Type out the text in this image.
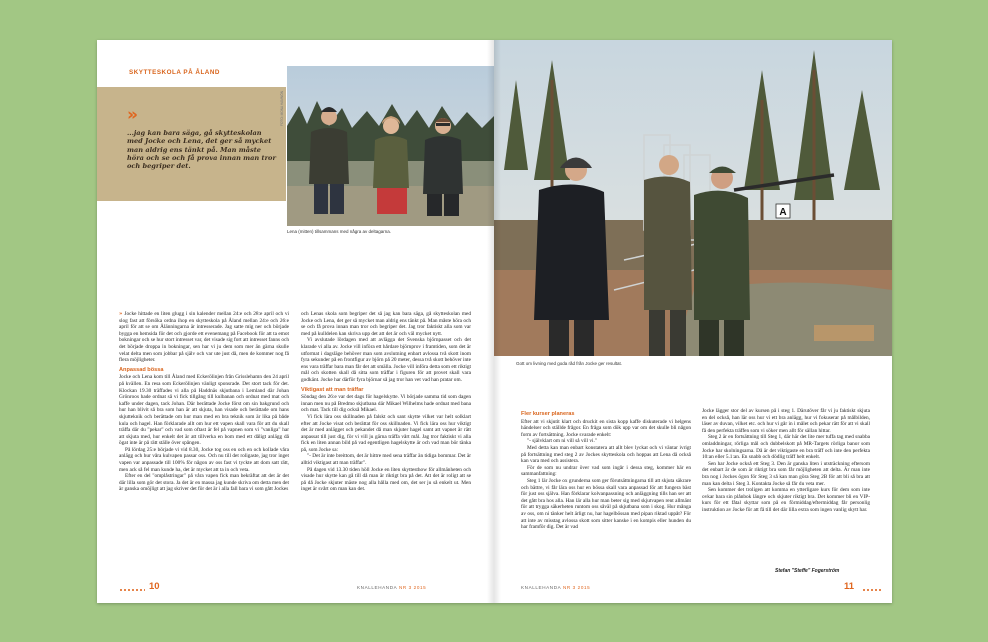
SKYTTESKOLA PÅ ÅLAND
»
...jag kan bara säga, gå skytteskolan med Jocke och Lena, det ger så mycket man aldrig ens tänkt på. Man måste höra och se och få prova innan man tror och begriper det.
FOTO: MONA HAMNÖN
Lena (mitten) tillsammans med några av deltagarna.

» Jocke hittade en liten glugg i sin kalender mellan 24:e och 28:e april och vi slog fast att försöka ordna ihop en skytteskola på Åland mellan 24:e och 26:e april för att se om Ålänningarna är intresserade. Jag satte mig ner och började bygga en hemsida för det och gjorde ett evenemang på Facebook för att ta emot bokningar och se hur stort intresset var, det visade sig fort att intresset fanns och det började droppa in bokningar, sen har vi ju dem som mer än gärna skulle velat delta men som jobbar på själv och var ute just då, men de kommer nog få flera möjligheter.

Anpassad bössa

Jocke och Lena kom till Åland med Eckerölinjen från Grisslehamn den 24 april på kvällen. En resa som Eckerölinjen vänligt sponsrade. Det stort tack för det. Klockan 19.30 träffades vi alla på Haddnäs skjutbana i Lemland där Johan Grönroos hade ordnat så vi fick tillgång till kulbanan och ordnat med mat och kaffe under dagen, tack Johan. Där berättade Jocke först om sin bakgrund och hur han blivit så bra som han är att skjuta, han visade och berättade om hans skjutteknik och berättade om hur man med en bra teknik som är lika på både kula och hagel. Han förklarade allt om hur ett vapen skall vara för att du skall träffa där du "pekar" och vad som oftast är fel på vapnen som vi "vanliga" har att skjuta med, hur enkelt det är att tillverka en bom med ett dåligt anlägg då ögat inte är på rätt ställe över spången.

På lördag 25:e började vi vid 8.30, Jocke tog oss en och en och kollade våra anlägg och hur våra kulvapen passar oss. Och nu till det roligaste, jag tror inget vapen var anpassade till 100% för någon av oss fast vi tyckte att dom satt rätt, men ack så fel man kunde ha, det är mycket att ta in och veta.

Efter en del "omplåstringar" på våra vapen fick man bekräftat att det är det där lilla som gör det stora. Ja det är en massa jag kunde skriva om detta men det är ganska omöjligt att jag skriver det för det är i alla fall bara vi som gått Jockes

och Lenas skola som begriper det så jag kan bara säga, gå skytteskolan med Jocke och Lena, det ger så mycket man aldrig ens tänkt på. Man måste höra och se och få prova innan man tror och begriper det. Jag tror faktiskt alla som var med på kulldelen kan skriva upp det att det är och väl mycket nytt.

Vi avslutade lördagen med att avlägga det Svenska björnpasset och det klarade vi alla av. Jocke vill införa ett hårdare björnprov i framtiden, som det är utformat i dagsläge behöver man som avslutning enbart avlossa två skott inom fyra sekunder på en frontfigur av björn på 20 meter, dessa två skott behöver inte ens vara träffar bara man får det att smälla. Jocke vill införa detta som ett riktigt mål och skotten skall då sitta som träffar i figuren för att provet skall vara godkänt. Jocke har därför fyra björnar så jag tror han vet vad han pratar om.

Viktigast att man träffar

Söndag den 26:e var det dags för hagelskytte. Vi började samma tid som dagen innan men nu på Bredmo skjutbana där Mikael Wilhelms hade ordnat med bana och mat. Tack till dig också Mikael.

Vi fick lära oss skillnaden på falskt och sant skytte vilket var helt solklart efter att Jocke visat och berättat för oss skillnaden. Vi fick lära oss hur viktigt det är med anlägget och pekandet då man skjuter hagel samt att vapnet är rätt anpassat till just dig, för vi vill ju gärna träffa vårt mål. Jag tror faktiskt vi alla fick en liten annan bild på vad egentligen hagelskytte är och vad man bör tänka på, som Jocke sa:

"- Det är inte breittom, det är hittre med sena träffar än tidiga bommar. Det är alltid viktigast att man träffar".

På dagen vid 13.30 tiden höll Jocke en liten skyttesthow för allmänheten och visade hur skytte kan gå till då man är riktigt bra på det. Att det är roligt att se på då Jocke skjuter mäste nog alla hålla med om, det ser ju så enkelt ut. Men inget är svårt om man kan det.

10	KNALLEHANDA NR 3 2015
A
Gott om livning med goda råd från Jocke ger resultat.
Fler kurser planeras

Efter att vi skjutit klart och druckit en sista kopp kaffe diskuterade vi helgens händelser och ställde frågor. En fråga som dök upp var om det skulle bli någon form av fortsättning. Jocke svarade enkelt:

"- självklart om ni vill så vill vi."

Med detta kan man enbart konstatera att allt blev lyckat och vi väntar ivrigt på fortsättning med steg 2 av Jockes skytteskola och hoppas att Lena då också kan vara med och assistera.

För de som nu undrar över vad som ingår i dessa steg, kommer här en sammanfattning:

Steg 1 lär Jocke ox grunderna som ger förutsättningarna till att skjuta säkrare och bättre, vi får lära oss hur en bössa skall vara anpassad för att fungera bäst för just oss själva. Han förklarar kolvanpassning och anläggning tills han ser att det gått bra hos alla. Han lär alla hur man beter sig med skjutvapen rent allmänt för att trygga säkerheten runtom oss såväl på skjutbana som i skog. Hur många av oss, om ni tänker helt ärligt nu, har hagelbössan med pipan riktad uppåt? För att inte av misstag avlossa skott som sitter kanske i en kompis eller hunden du har framför dig. Det är vad

Jocke lägger stor del av kursen på i steg 1. Därutöver får vi ju faktiskt skjuta en del också, han lär oss hur vi ett bra anlägg, hur vi fokuserar på målbilden, läser av duvan, vilket etc. och hur vi går in i målet och pekar rätt för att vi skall få den perfekta träffen som vi söker men allt för sällan hittar.

Steg 2 är en fortsättning till Steg 1, där här det lite mer tuffa tag med snabba omladdningar, rörliga mål och dubbelskott på MR-Targets rörliga banor som Jocke har skolningsarna. Då är det viktigaste en bra träff och inte den perfekta 10:an eller 5.1:an. En snabb och dödlig träff helt enkelt.

Sen har Jocke också ett Steg 3. Den är ganska liten i utsträckning eftersom det enbart är de som är riktigt bra som får möjligheten att delta. Är man inte bra nog i Jockes ögon för Steg 3 så kan man göra Steg 2B för att bli så bra att man kan delta i Steg 3. Kontakta Jocke så får du veta mer.

Sen kommer det troligen att komma en ytterligare kurs för dem som inte ovkar bara sin plånbok längre och skjuter riktigt bra. Det kommer bli en VIP-kurs för ett fåtal skyttar som på en förmiddag/eftermiddag får personlig instruktion av Jocke för att få till det där lilla extra som ingen vanlig skytt har.

Stefan "Steffe" Fogerström
KNALLEHANDA NR 3 2015	11
